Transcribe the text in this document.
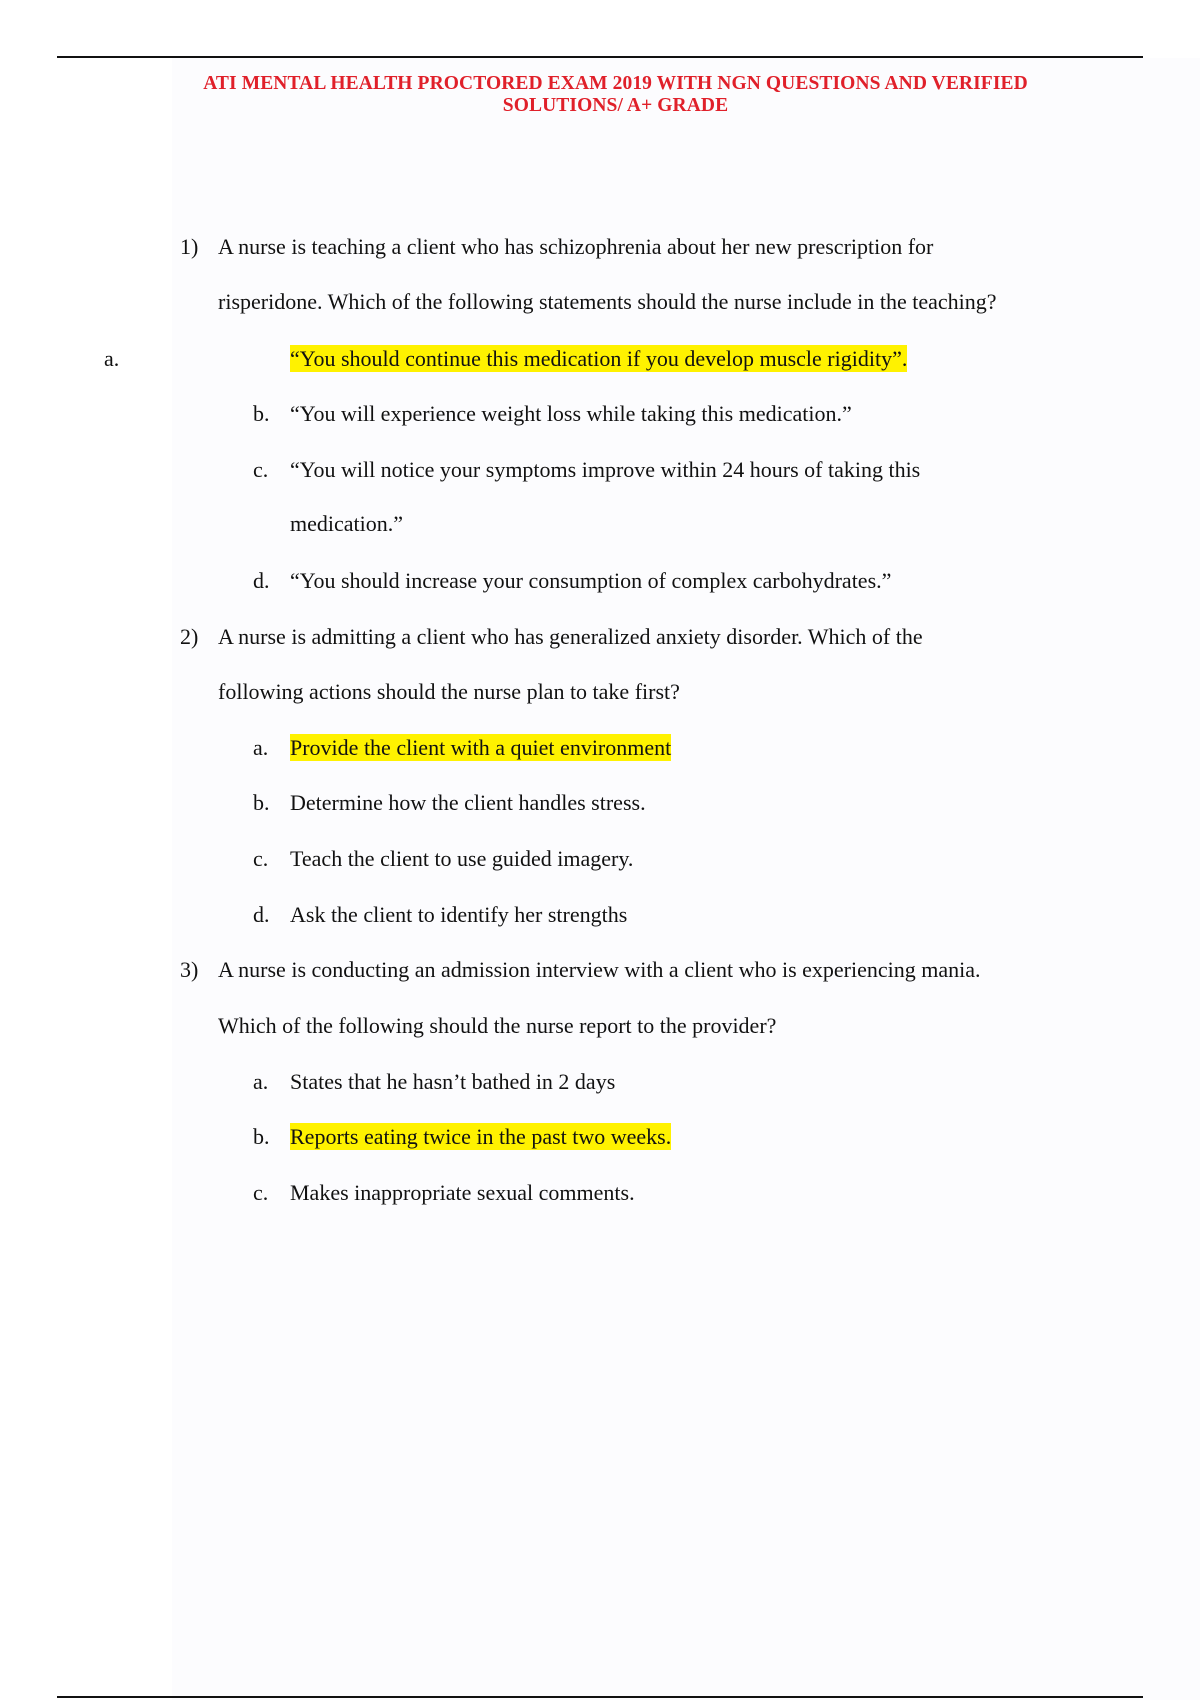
ATI MENTAL HEALTH PROCTORED EXAM 2019 WITH NGN QUESTIONS AND VERIFIED
SOLUTIONS/ A+ GRADE
1) A nurse is teaching a client who has schizophrenia about her new prescription for
risperidone. Which of the following statements should the nurse include in the teaching?
a.	“You should continue this medication if you develop muscle rigidity”.
b. “You will experience weight loss while taking this medication.”
c. “You will notice your symptoms improve within 24 hours of taking this
medication.”
d. “You should increase your consumption of complex carbohydrates.”
2) A nurse is admitting a client who has generalized anxiety disorder. Which of the
following actions should the nurse plan to take first?
a. Provide the client with a quiet environment
b. Determine how the client handles stress.
c. Teach the client to use guided imagery.
d. Ask the client to identify her strengths
3) A nurse is conducting an admission interview with a client who is experiencing mania.
Which of the following should the nurse report to the provider?
a. States that he hasn’t bathed in 2 days
b. Reports eating twice in the past two weeks.
c. Makes inappropriate sexual comments.
